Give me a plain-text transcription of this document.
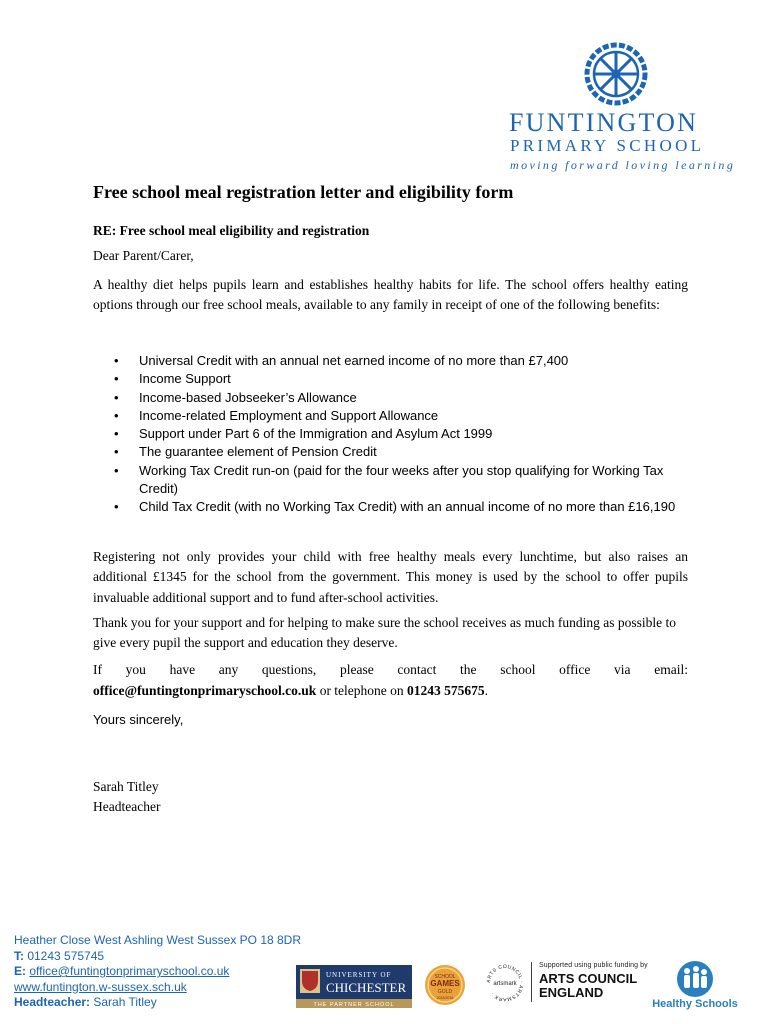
FUNTINGTON
PRIMARY SCHOOL
moving forward loving learning
Free school meal registration letter and eligibility form
RE: Free school meal eligibility and registration
Dear Parent/Carer,
A healthy diet helps pupils learn and establishes healthy habits for life. The school offers healthy eating options through our free school meals, available to any family in receipt of one of the following benefits:
• Universal Credit with an annual net earned income of no more than £7,400
• Income Support
• Income-based Jobseeker’s Allowance
• Income-related Employment and Support Allowance
• Support under Part 6 of the Immigration and Asylum Act 1999
• The guarantee element of Pension Credit
• Working Tax Credit run-on (paid for the four weeks after you stop qualifying for Working Tax Credit)
• Child Tax Credit (with no Working Tax Credit) with an annual income of no more than £16,190
Registering not only provides your child with free healthy meals every lunchtime, but also raises an additional £1345 for the school from the government. This money is used by the school to offer pupils invaluable additional support and to fund after-school activities.
Thank you for your support and for helping to make sure the school receives as much funding as possible to give every pupil the support and education they deserve.
If you have any questions, please contact the school office via email:
office@funtingtonprimaryschool.co.uk or telephone on 01243 575675.
Yours sincerely,
Sarah Titley
Headteacher
Heather Close West Ashling West Sussex PO 18 8DR
T: 01243 575745
E: office@funtingtonprimaryschool.co.uk
www.funtington.w-sussex.sch.uk
Headteacher: Sarah Titley
UNIVERSITY OF
CHICHESTER
THE PARTNER SCHOOL
SCHOOL
GAMES
GOLD
2015/2016
ARTS COUNCIL · ARTSMARK ·
artsmark
Supported using public funding by
ARTS COUNCIL
ENGLAND
Healthy Schools
